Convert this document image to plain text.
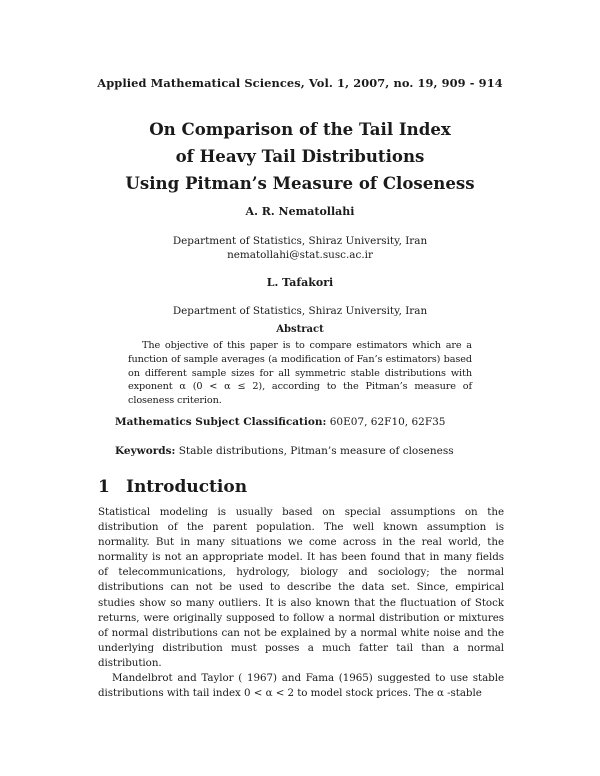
Applied Mathematical Sciences, Vol. 1, 2007, no. 19, 909 - 914
On Comparison of the Tail Index
of Heavy Tail Distributions
Using Pitman’s Measure of Closeness
A. R. Nematollahi
Department of Statistics, Shiraz University, Iran
nematollahi@stat.susc.ac.ir
L. Tafakori
Department of Statistics, Shiraz University, Iran
Abstract
The objective of this paper is to compare estimators which are a function of sample averages (a modification of Fan’s estimators) based on different sample sizes for all symmetric stable distributions with exponent α (0 < α ≤ 2), according to the Pitman’s measure of closeness criterion.
Mathematics Subject Classification: 60E07, 62F10, 62F35
Keywords: Stable distributions, Pitman’s measure of closeness
1 Introduction

Statistical modeling is usually based on special assumptions on the distribution of the parent population. The well known assumption is normality. But in many situations we come across in the real world, the normality is not an appropriate model. It has been found that in many fields of telecommunications, hydrology, biology and sociology; the normal distributions can not be used to describe the data set. Since, empirical studies show so many outliers. It is also known that the fluctuation of Stock returns, were originally supposed to follow a normal distribution or mixtures of normal distributions can not be explained by a normal white noise and the underlying distribution must posses a much fatter tail than a normal distribution.

Mandelbrot and Taylor ( 1967) and Fama (1965) suggested to use stable distributions with tail index 0 < α < 2 to model stock prices. The α -stable
